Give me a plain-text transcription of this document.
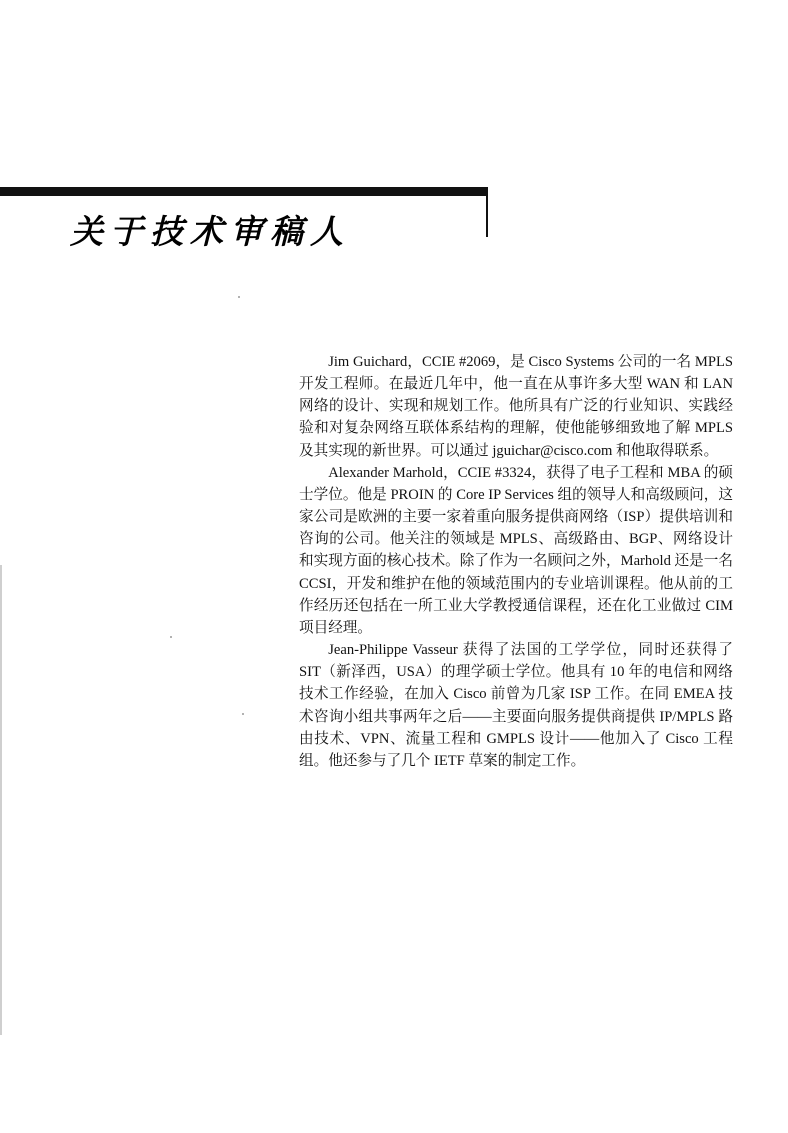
关于技术审稿人

Jim Guichard，CCIE #2069，是 Cisco Systems 公司的一名 MPLS 开发工程师。在最近几年中，他一直在从事许多大型 WAN 和 LAN 网络的设计、实现和规划工作。他所具有广泛的行业知识、实践经验和对复杂网络互联体系结构的理解，使他能够细致地了解 MPLS 及其实现的新世界。可以通过 jguichar@cisco.com 和他取得联系。

Alexander Marhold，CCIE #3324，获得了电子工程和 MBA 的硕士学位。他是 PROIN 的 Core IP Services 组的领导人和高级顾问，这家公司是欧洲的主要一家着重向服务提供商网络（ISP）提供培训和咨询的公司。他关注的领域是 MPLS、高级路由、BGP、网络设计和实现方面的核心技术。除了作为一名顾问之外，Marhold 还是一名 CCSI，开发和维护在他的领域范围内的专业培训课程。他从前的工作经历还包括在一所工业大学教授通信课程，还在化工业做过 CIM 项目经理。

Jean-Philippe Vasseur 获得了法国的工学学位，同时还获得了 SIT（新泽西，USA）的理学硕士学位。他具有 10 年的电信和网络技术工作经验，在加入 Cisco 前曾为几家 ISP 工作。在同 EMEA 技术咨询小组共事两年之后——主要面向服务提供商提供 IP/MPLS 路由技术、VPN、流量工程和 GMPLS 设计——他加入了 Cisco 工程组。他还参与了几个 IETF 草案的制定工作。
